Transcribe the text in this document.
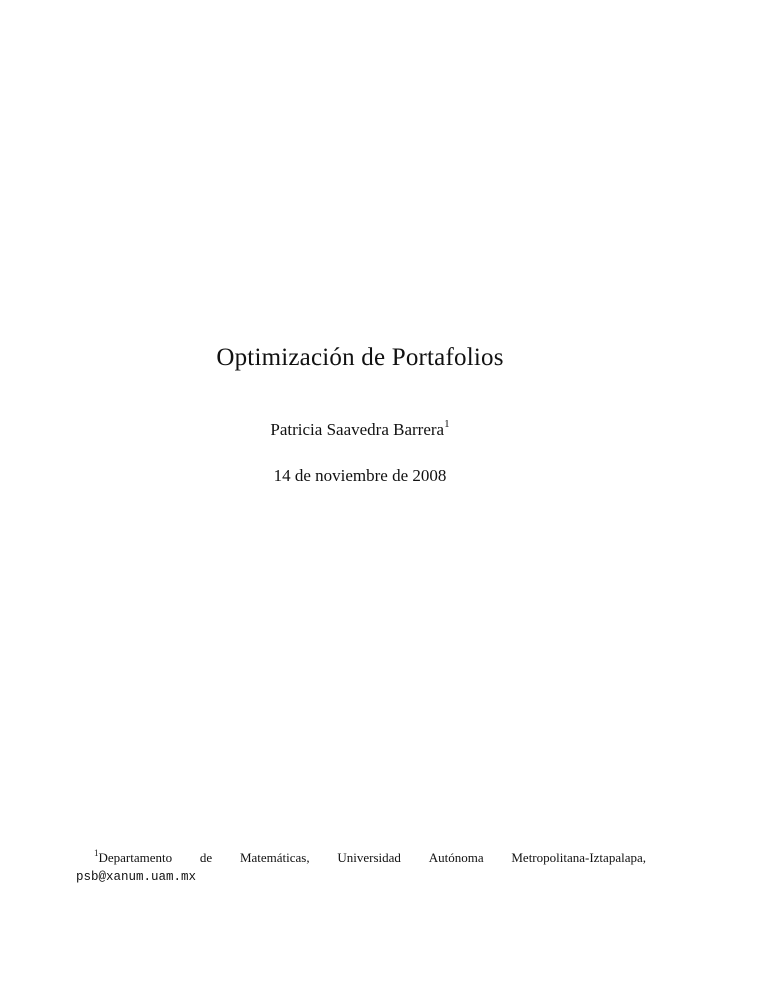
Optimización de Portafolios
Patricia Saavedra Barrera$^1$
14 de noviembre de 2008
$^1$Departamento de Matemáticas, Universidad Autónoma Metropolitana-Iztapalapa,
psb@xanum.uam.mx
